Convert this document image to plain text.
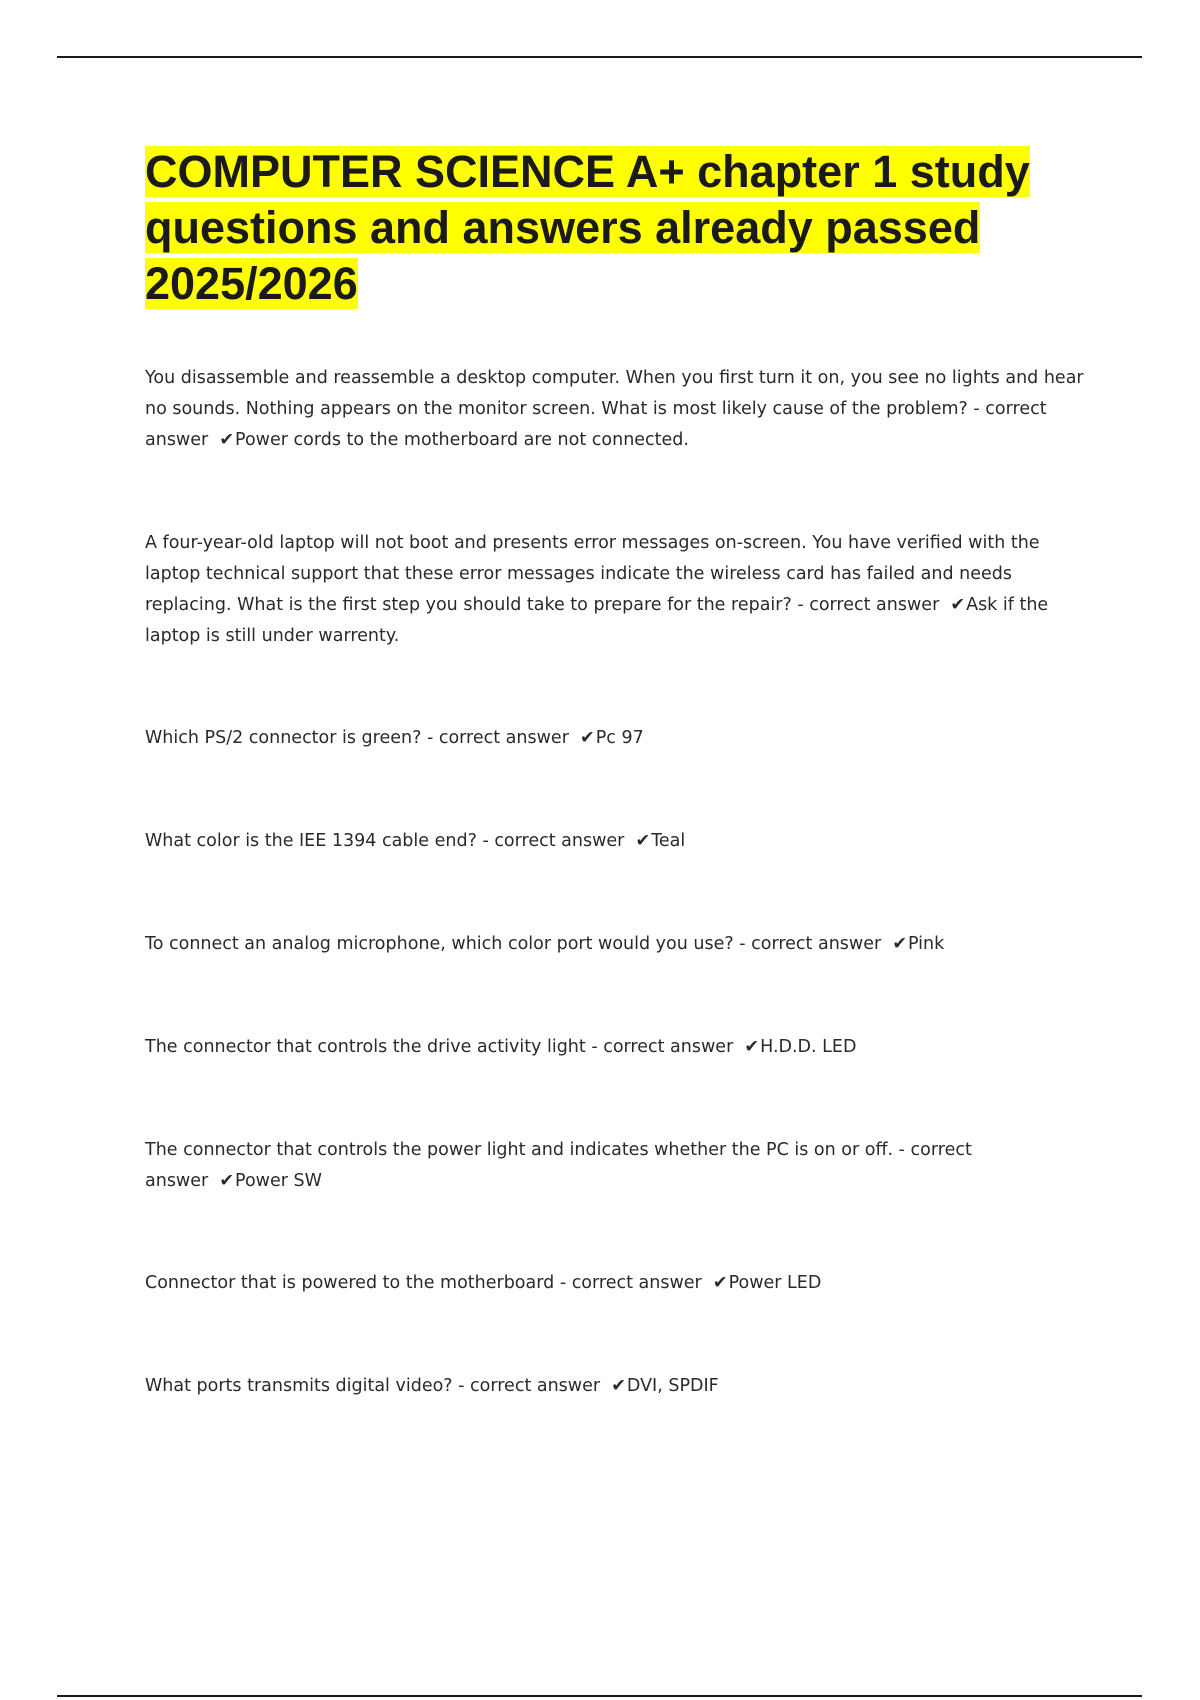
COMPUTER SCIENCE A+ chapter 1 study questions and answers already passed 2025/2026

You disassemble and reassemble a desktop computer. When you first turn it on, you see no lights and hear no sounds. Nothing appears on the monitor screen. What is most likely cause of the problem? - correct answer ✔Power cords to the motherboard are not connected.

A four-year-old laptop will not boot and presents error messages on-screen. You have verified with the laptop technical support that these error messages indicate the wireless card has failed and needs replacing. What is the first step you should take to prepare for the repair? - correct answer ✔Ask if the laptop is still under warrenty.

Which PS/2 connector is green? - correct answer ✔Pc 97

What color is the IEE 1394 cable end? - correct answer ✔Teal

To connect an analog microphone, which color port would you use? - correct answer ✔Pink

The connector that controls the drive activity light - correct answer ✔H.D.D. LED

The connector that controls the power light and indicates whether the PC is on or off. - correct answer ✔Power SW

Connector that is powered to the motherboard - correct answer ✔Power LED

What ports transmits digital video? - correct answer ✔DVI, SPDIF
